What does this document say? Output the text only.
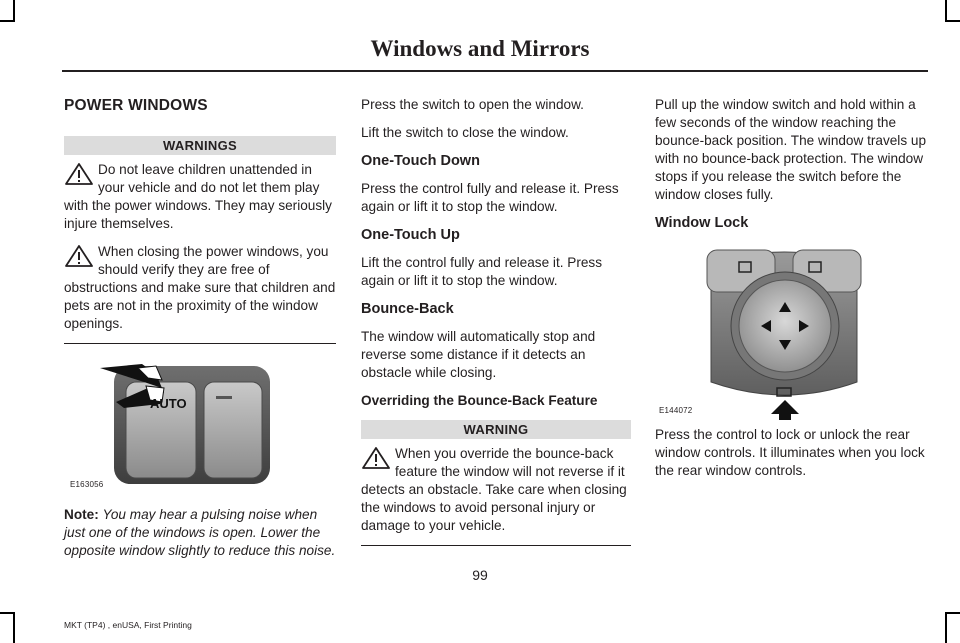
Windows and Mirrors
POWER WINDOWS
WARNINGS

Do not leave children unattended in your vehicle and do not let them play with the power windows. They may seriously injure themselves.

When closing the power windows, you should verify they are free of obstructions and make sure that children and pets are not in the proximity of the window openings.

AUTO
E163056

Note: You may hear a pulsing noise when just one of the windows is open. Lower the opposite window slightly to reduce this noise.

Press the switch to open the window.

Lift the switch to close the window.

One-Touch Down

Press the control fully and release it. Press again or lift it to stop the window.

One-Touch Up

Lift the control fully and release it. Press again or lift it to stop the window.

Bounce-Back

The window will automatically stop and reverse some distance if it detects an obstacle while closing.

Overriding the Bounce-Back Feature
WARNING

When you override the bounce-back feature the window will not reverse if it detects an obstacle. Take care when closing the windows to avoid personal injury or damage to your vehicle.

Pull up the window switch and hold within a few seconds of the window reaching the bounce-back position. The window travels up with no bounce-back protection. The window stops if you release the switch before the window closes fully.

Window Lock
E144072

Press the control to lock or unlock the rear window controls. It illuminates when you lock the rear window controls.

99
MKT (TP4) , enUSA, First Printing
